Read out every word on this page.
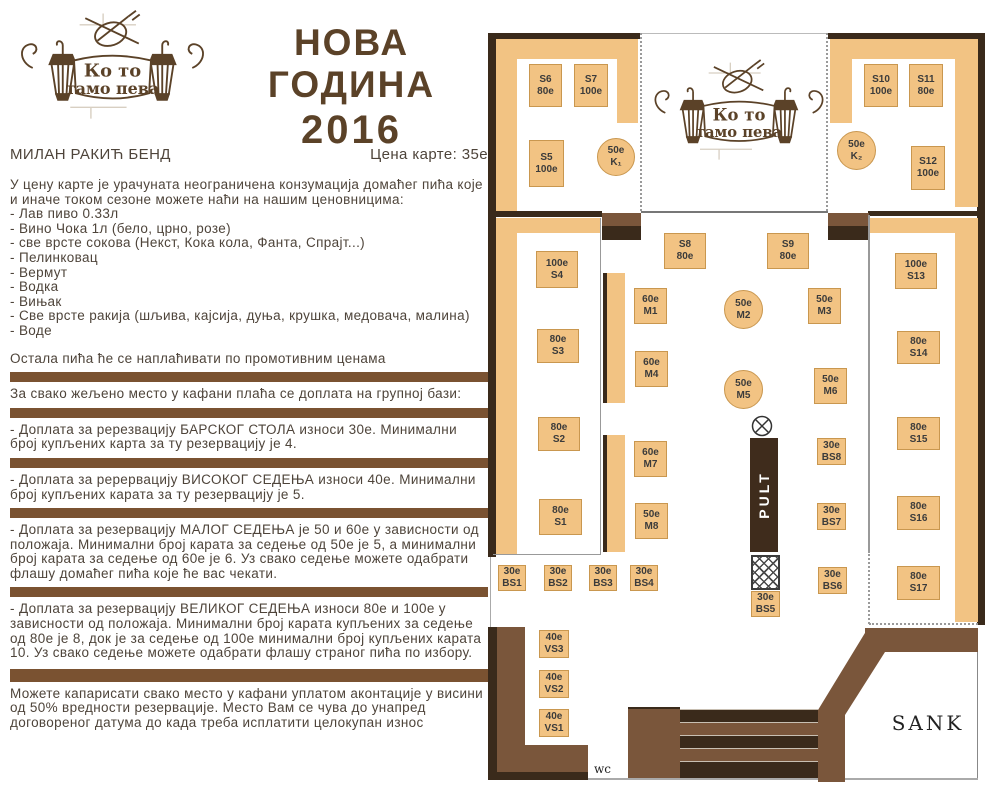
Ко то
тамо пева
НОВА ГОДИНА
2016
МИЛАН РАКИЋ БЕНД	Цена карте: 35е
У цену карте је урачуната неограничена конзумација домаћег пића које и иначе током сезоне можете наћи на нашим ценовницима:
- Лав пиво 0.33л
- Вино Чока 1л (бело, црно, розе)
- све врсте сокова (Некст, Кока кола, Фанта, Спрајт...)
- Пелинковац
- Вермут
- Водка
- Вињак
- Све врсте ракија (шљива, кајсија, дуња, крушка, медовача, малина)
- Воде
Остала пића ће се наплаћивати по промотивним ценама
За свако жељено место у кафани плаћа се доплата на групној бази:
- Доплата за ререзвацију БАРСКОГ СТОЛА износи 30е. Минимални број купљених карта за ту резервацију је 4.
- Доплата за рерервацију ВИСОКОГ СЕДЕЊА износи 40е. Минимални број купљених карата за ту резервацију је 5.
- Доплата за резервацију МАЛОГ СЕДЕЊА је 50 и 60е у зависности од положаја. Минимални број карата за седење од 50е је 5, а минимални број карата за седење од 60е је 6. Уз свако седење можете одабрати флашу домаћег пића које ће вас чекати.
- Доплата за резервацију ВЕЛИКОГ СЕДЕЊА износи 80е и 100е у зависности од положаја. Минимални број карата купљених за седење од 80е је 8, док је за седење од 100е минимални број купљених карата 10. Уз свако седење можете одабрати флашу страног пића по избору.
Можете капарисати свако место у кафани уплатом аконтације у висини од 50% вредности резервације. Место Вам се чува до унапред договореног датума до када треба исплатити целокупан износ
PULT
SANK
wc
Ко то
тамо пева
S6
80e
S7
100e
S5
100e
50e
K₁
S10
100e
S11
80e
50e
K₂
S12
100e
100e
S4
80e
S3
80e
S2
80e
S1
S8
80e
S9
80e
60e
M1
50e
M2
50e
M3
60e
M4
50e
M5
50e
M6
60e
M7
50e
M8
100e
S13
80e
S14
80e
S15
80e
S16
80e
S17
30e
BS8
30e
BS7
30e
BS6
30e
BS5
30e
BS1
30e
BS2
30e
BS3
30e
BS4
40e
VS3
40e
VS2
40e
VS1
